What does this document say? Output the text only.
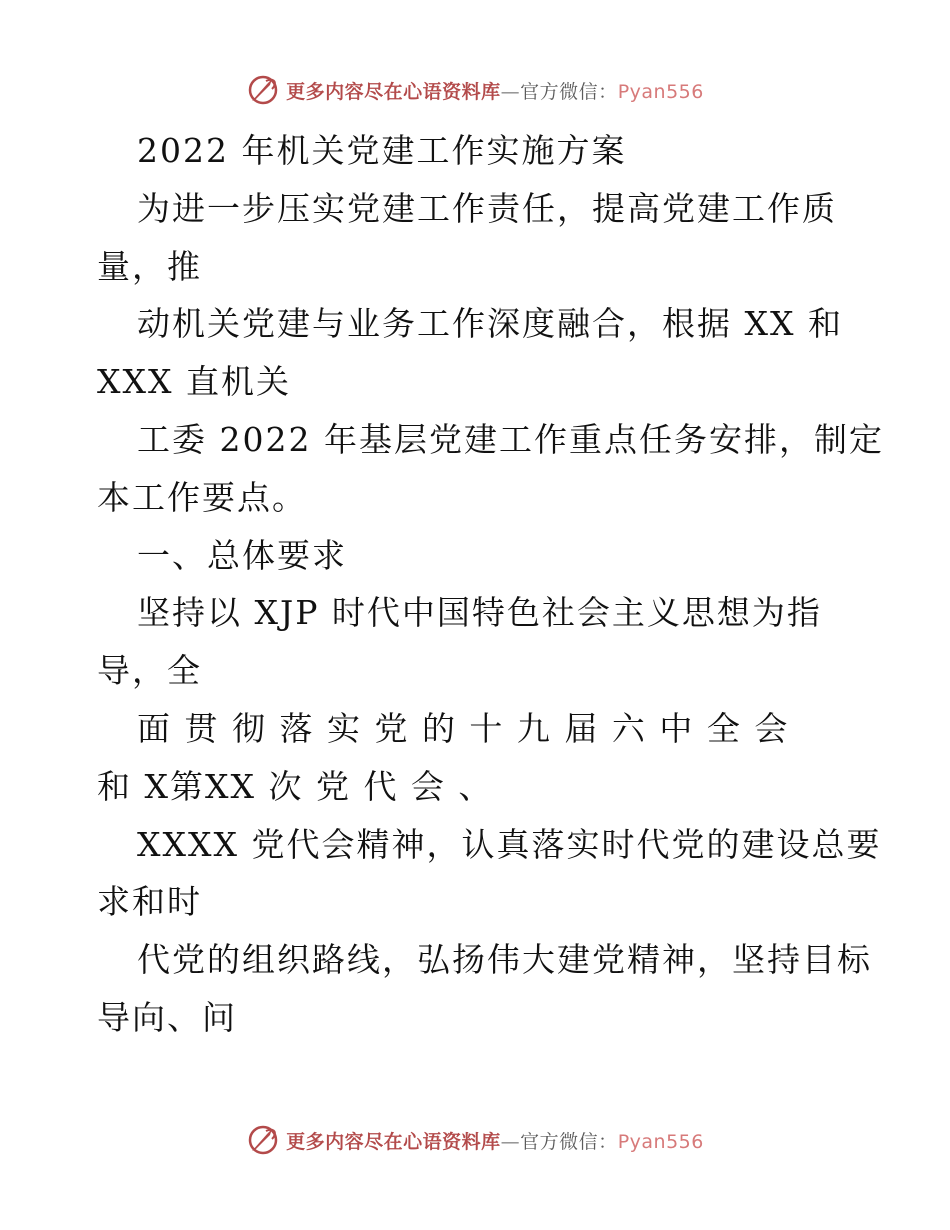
更多内容尽在心语资料库—官方微信：Pyan556
2022 年机关党建工作实施方案
为进一步压实党建工作责任，提高党建工作质
量，推
动机关党建与业务工作深度融合，根据 XX 和
XXX 直机关
工委 2022 年基层党建工作重点任务安排，制定
本工作要点。
一、总体要求
坚持以 XJP 时代中国特色社会主义思想为指
导，全
面 贯 彻 落 实 党 的 十 九 届 六 中 全 会
和 X第XX 次 党 代 会 、
XXXX 党代会精神，认真落实时代党的建设总要
求和时
代党的组织路线，弘扬伟大建党精神，坚持目标
导向、问
更多内容尽在心语资料库—官方微信：Pyan556
